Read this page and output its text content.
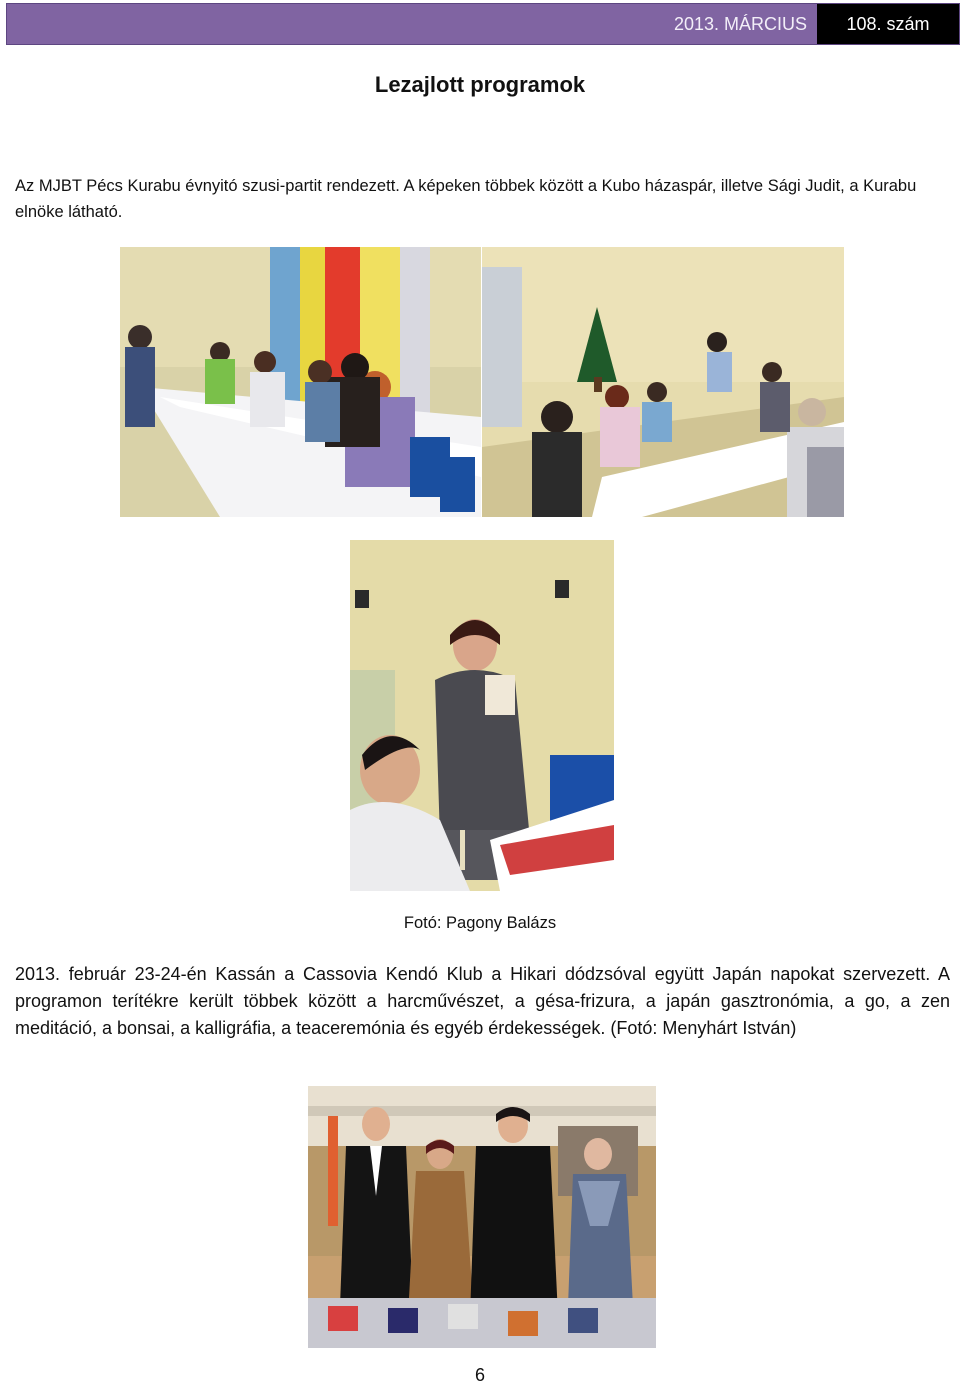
2013. MÁRCIUS	108. szám
Lezajlott programok
Az MJBT Pécs Kurabu évnyitó szusi-partit rendezett. A képeken többek között a Kubo házaspár, illetve Sági Judit, a Kurabu elnöke látható.
Fotó: Pagony Balázs
2013. február 23-24-én Kassán a Cassovia Kendó Klub a Hikari dódzsóval együtt Japán napokat szervezett. A programon terítékre került többek között a harcművészet, a gésa-frizura, a japán gasztronómia, a go, a zen meditáció, a bonsai, a kalligráfia, a teaceremónia és egyéb érdekességek. (Fotó: Menyhárt István)
6
